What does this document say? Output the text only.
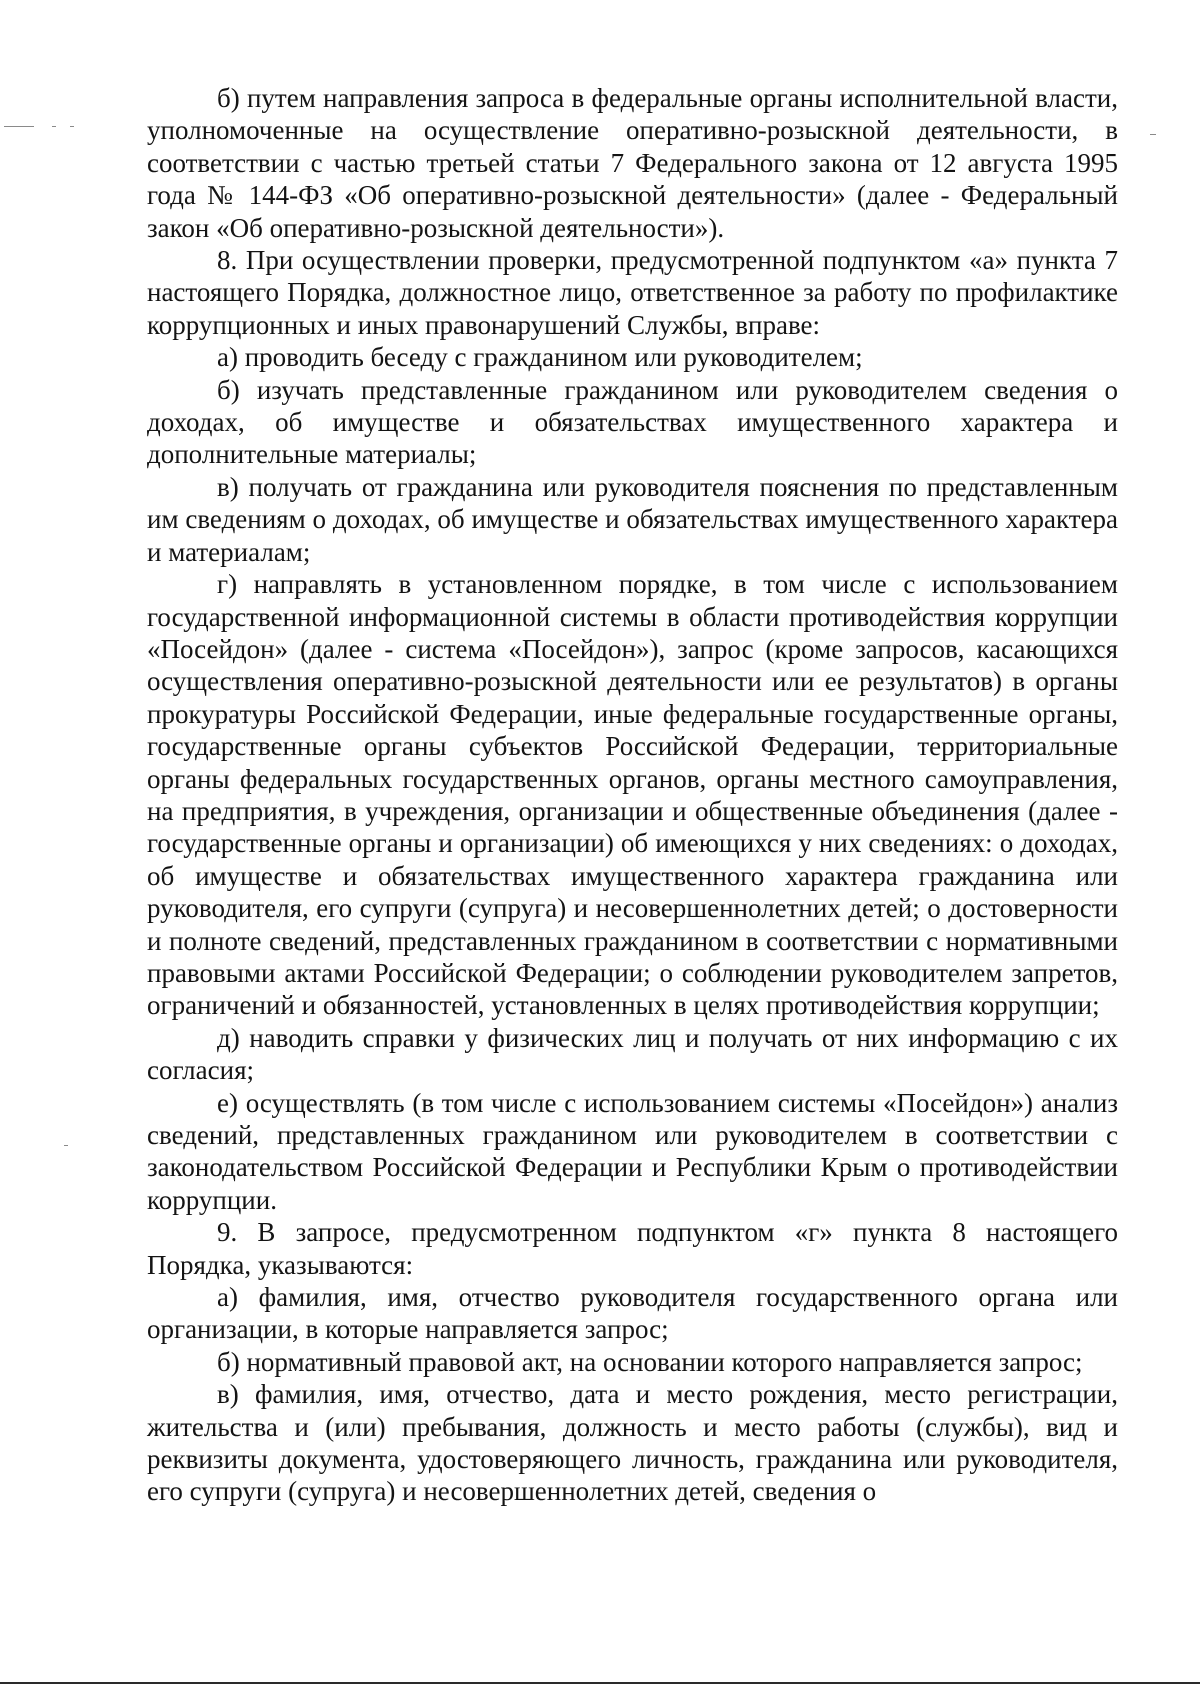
б) путем направления запроса в федеральные органы исполнительной власти, уполномоченные на осуществление оперативно-розыскной деятельности, в соответствии с частью третьей статьи 7 Федерального закона от 12 августа 1995 года № 144-ФЗ «Об оперативно-розыскной деятельности» (далее - Федеральный закон «Об оперативно-розыскной деятельности»).

8. При осуществлении проверки, предусмотренной подпунктом «а» пункта 7 настоящего Порядка, должностное лицо, ответственное за работу по профилактике коррупционных и иных правонарушений Службы, вправе:

а) проводить беседу с гражданином или руководителем;

б) изучать представленные гражданином или руководителем сведения о доходах, об имуществе и обязательствах имущественного характера и дополнительные материалы;

в) получать от гражданина или руководителя пояснения по представленным им сведениям о доходах, об имуществе и обязательствах имущественного характера и материалам;

г) направлять в установленном порядке, в том числе с использованием государственной информационной системы в области противодействия коррупции «Посейдон» (далее - система «Посейдон»), запрос (кроме запросов, касающихся осуществления оперативно-розыскной деятельности или ее результатов) в органы прокуратуры Российской Федерации, иные федеральные государственные органы, государственные органы субъектов Российской Федерации, территориальные органы федеральных государственных органов, органы местного самоуправления, на предприятия, в учреждения, организации и общественные объединения (далее - государственные органы и организации) об имеющихся у них сведениях: о доходах, об имуществе и обязательствах имущественного характера гражданина или руководителя, его супруги (супруга) и несовершеннолетних детей; о достоверности и полноте сведений, представленных гражданином в соответствии с нормативными правовыми актами Российской Федерации; о соблюдении руководителем запретов, ограничений и обязанностей, установленных в целях противодействия коррупции;

д) наводить справки у физических лиц и получать от них информацию с их согласия;

е) осуществлять (в том числе с использованием системы «Посейдон») анализ сведений, представленных гражданином или руководителем в соответствии с законодательством Российской Федерации и Республики Крым о противодействии коррупции.

9. В запросе, предусмотренном подпунктом «г» пункта 8 настоящего Порядка, указываются:

а) фамилия, имя, отчество руководителя государственного органа или организации, в которые направляется запрос;

б) нормативный правовой акт, на основании которого направляется запрос;

в) фамилия, имя, отчество, дата и место рождения, место регистрации, жительства и (или) пребывания, должность и место работы (службы), вид и реквизиты документа, удостоверяющего личность, гражданина или руководителя, его супруги (супруга) и несовершеннолетних детей, сведения о
